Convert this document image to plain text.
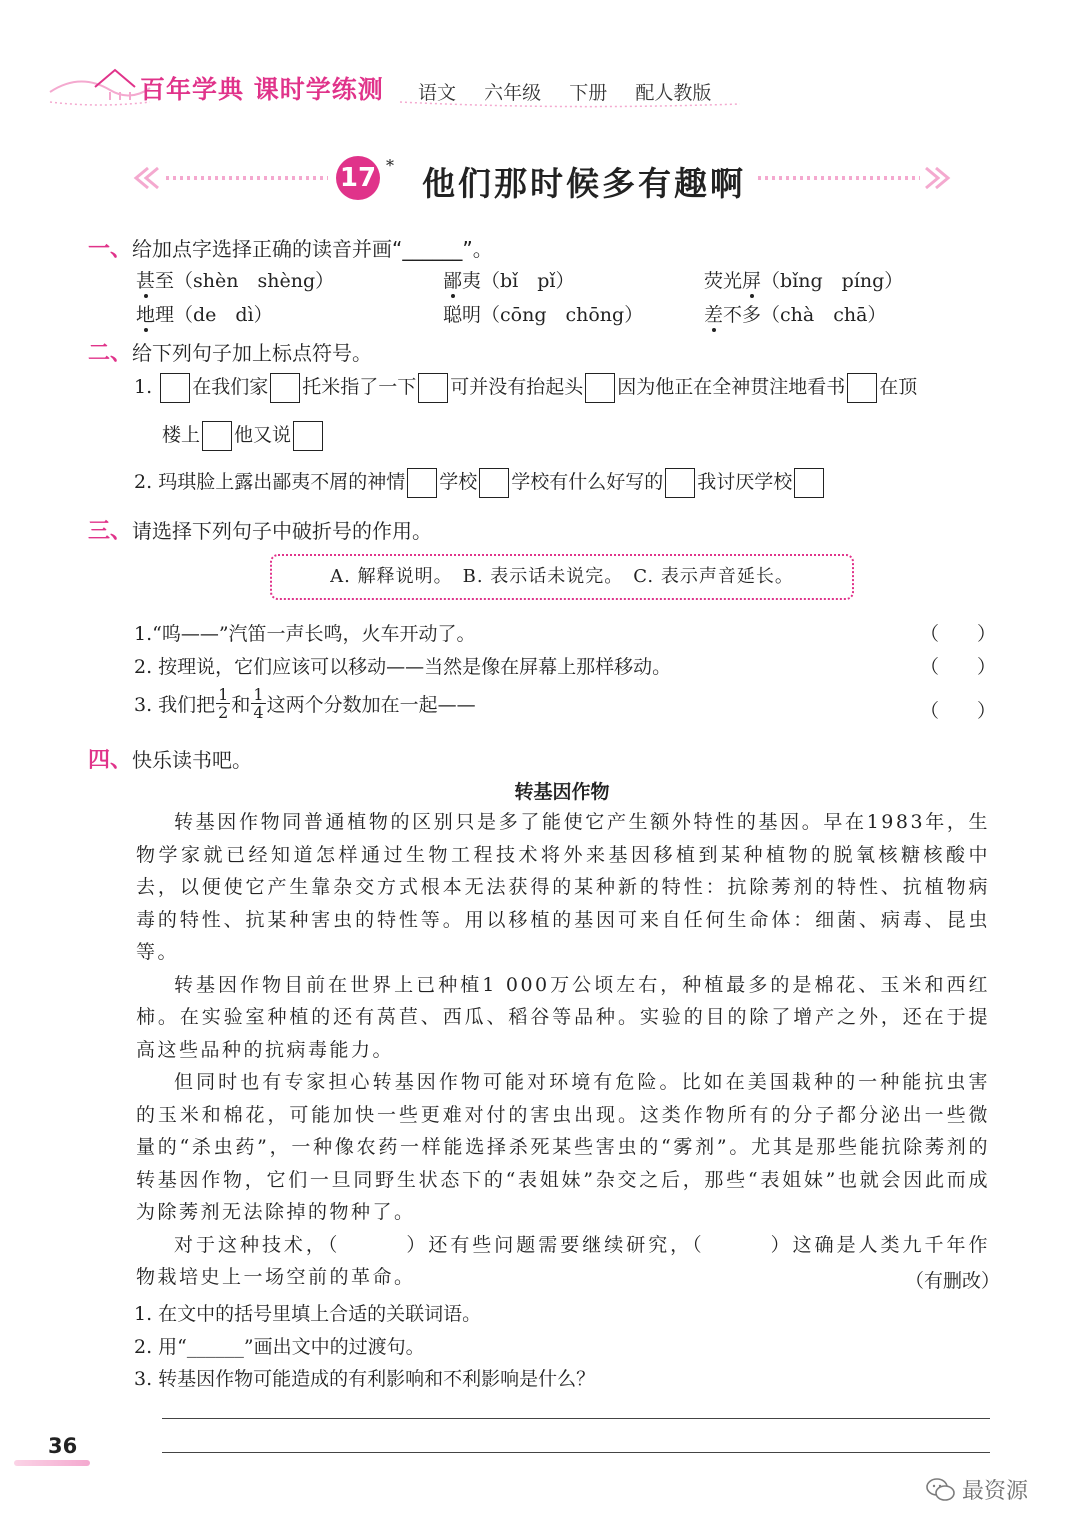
百年学典 课时学练测 语文 六年级 下册 配人教版
17 * 他们那时候多有趣啊
一、给加点字选择正确的读音并画“______”。
甚至（shèn　shèng）	鄙夷（bǐ　pǐ）	荧光屏（bǐng　píng）
地理（de　dì）	聪明（cōng　chōng）	差不多（chà　chā）
二、给下列句子加上标点符号。
1. 在我们家 托米指了一下 可并没有抬起头 因为他正在全神贯注地看书 在顶
楼上 他又说
2. 玛琪脸上露出鄙夷不屑的神情 学校 学校有什么好写的 我讨厌学校
三、请选择下列句子中破折号的作用。
A. 解释说明。　B. 表示话未说完。　C. 表示声音延长。
1.“呜——”汽笛一声长鸣，火车开动了。	（　　）
2. 按理说，它们应该可以移动——当然是像在屏幕上那样移动。	（　　）
3. 我们把 $\frac{1}{2}$ 和 $\frac{1}{4}$ 这两个分数加在一起——	（　　）
四、快乐读书吧。
转基因作物

转基因作物同普通植物的区别只是多了能使它产生额外特性的基因。早在1983年，生物学家就已经知道怎样通过生物工程技术将外来基因移植到某种植物的脱氧核糖核酸中去，以便使它产生靠杂交方式根本无法获得的某种新的特性：抗除莠剂的特性、抗植物病毒的特性、抗某种害虫的特性等。用以移植的基因可来自任何生命体：细菌、病毒、昆虫等。

转基因作物目前在世界上已种植1 000万公顷左右，种植最多的是棉花、玉米和西红柿。在实验室种植的还有莴苣、西瓜、稻谷等品种。实验的目的除了增产之外，还在于提高这些品种的抗病毒能力。

但同时也有专家担心转基因作物可能对环境有危险。比如在美国栽种的一种能抗虫害的玉米和棉花，可能加快一些更难对付的害虫出现。这类作物所有的分子都分泌出一些微量的“杀虫药”，一种像农药一样能选择杀死某些害虫的“雾剂”。尤其是那些能抗除莠剂的转基因作物，它们一旦同野生状态下的“表姐妹”杂交之后，那些“表姐妹”也就会因此而成为除莠剂无法除掉的物种了。

对于这种技术，（　　　）还有些问题需要继续研究，（　　　）这确是人类九千年作物栽培史上一场空前的革命。	（有删改）
1. 在文中的括号里填上合适的关联词语。
2. 用“______”画出文中的过渡句。
3. 转基因作物可能造成的有利影响和不利影响是什么？
36
最资源
